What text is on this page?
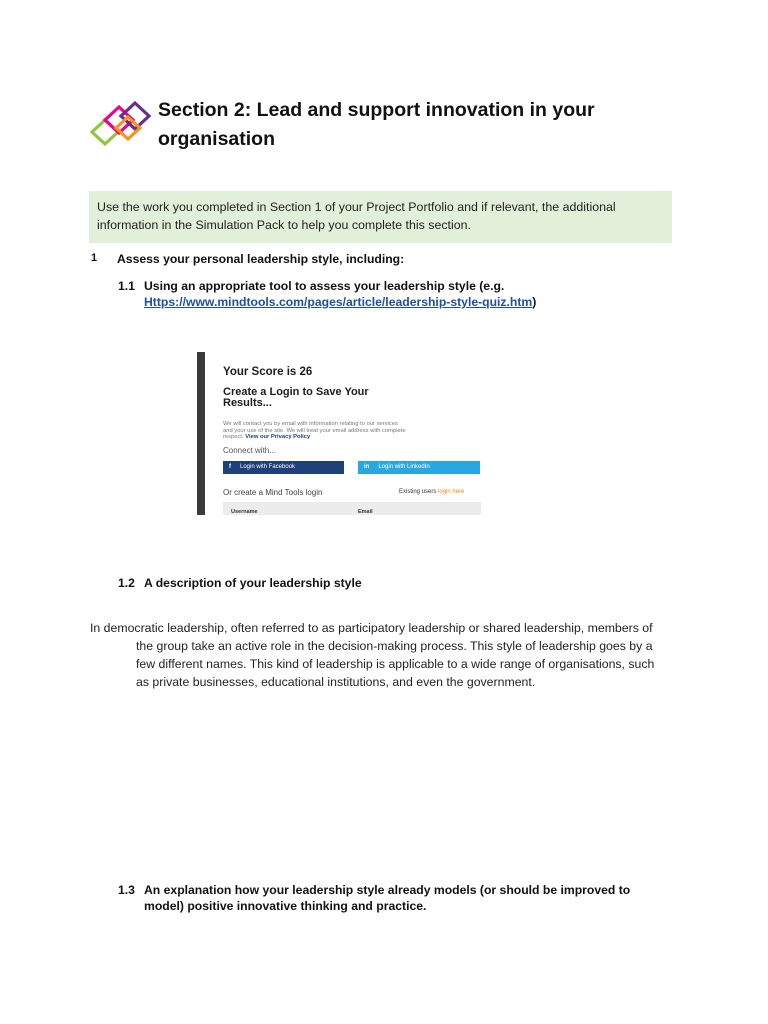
Section 2: Lead and support innovation in your
organisation
Use the work you completed in Section 1 of your Project Portfolio and if relevant, the additional
information in the Simulation Pack to help you complete this section.
1 Assess your personal leadership style, including:
1.1 Using an appropriate tool to assess your leadership style (e.g.
Https://www.mindtools.com/pages/article/leadership-style-quiz.htm)
Your Score is 26
Create a Login to Save Your
Results...
We will contact you by email with information relating to our services
and your use of the site. We will treat your email address with complete
respect. View our Privacy Policy
Connect with...
f Login with Facebook	in Login with LinkedIn
Or create a Mind Tools login	Existing users login here
Username	Email
1.2 A description of your leadership style
In democratic leadership, often referred to as participatory leadership or shared leadership, members of the group take an active role in the decision-making process. This style of leadership goes by a few different names. This kind of leadership is applicable to a wide range of organisations, such as private businesses, educational institutions, and even the government.
1.3 An explanation how your leadership style already models (or should be improved to
model) positive innovative thinking and practice.
